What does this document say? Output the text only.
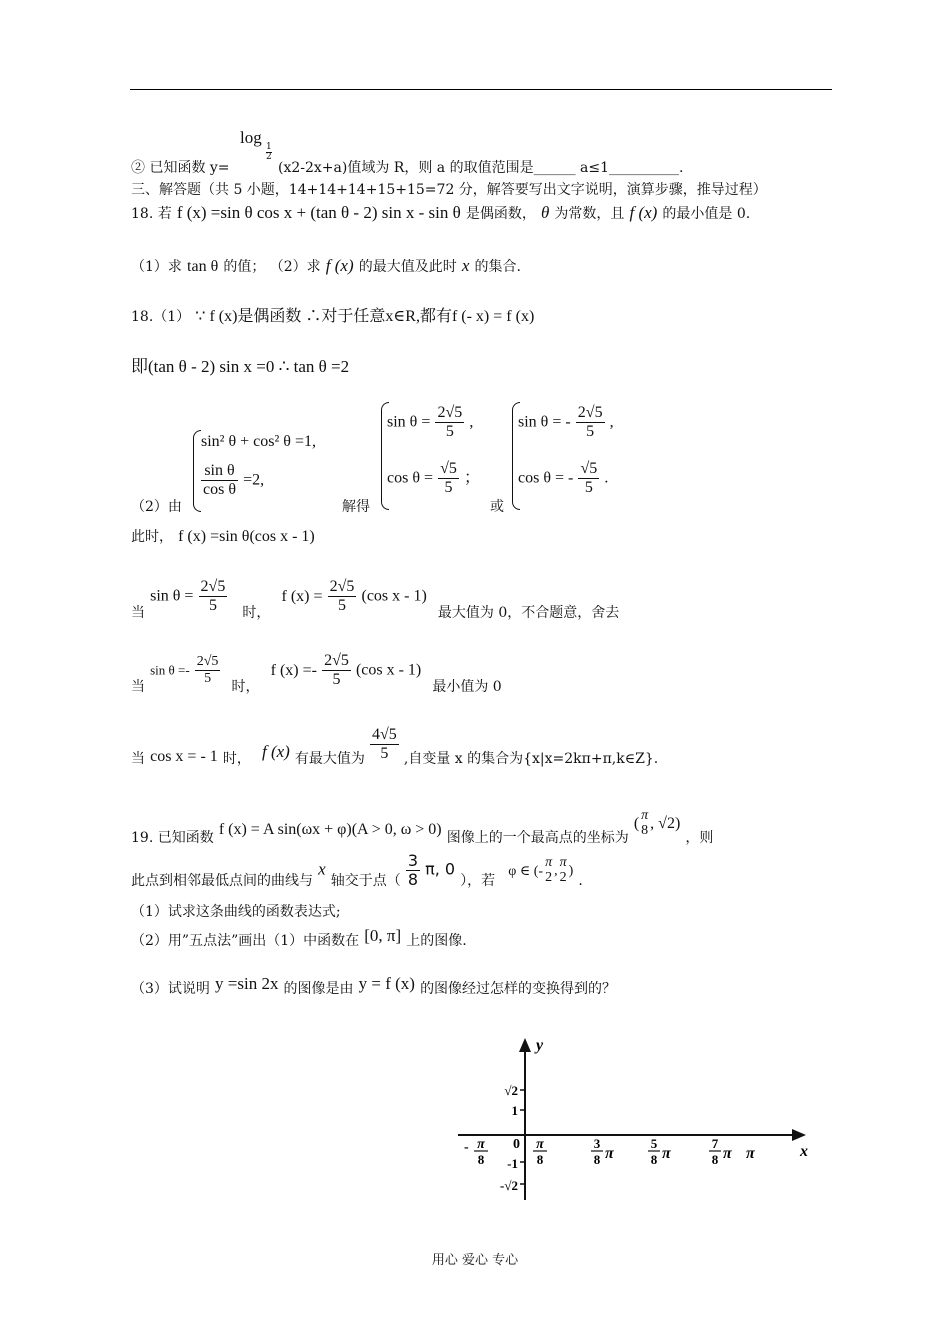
log
$\frac{1}{2}$
② 已知函数 y=	(x2-2x+a)值域为 R，则 a 的取值范围是______ a≤1__________.
三、解答题（共 5 小题，14+14+14+15+15=72 分，解答要写出文字说明，演算步骤，推导过程）
18. 若 f (x) =sin θ cos x + (tan θ - 2) sin x - sin θ 是偶函数， θ 为常数，且 f (x) 的最小值是 0.
（1）求 tan θ 的值； （2）求 f (x) 的最大值及此时 x 的集合.
18.（1） ∵ f (x)是偶函数 ∴对于任意x∈R,都有f (- x) = f (x)
即(tan θ - 2) sin x =0 ∴ tan θ =2
（2）由
sin² θ + cos² θ =1,
$\frac{\text{sin θ}}{\text{cos θ}} =2$,
解得
$\sin \theta = \frac{2√5}{5}$ ,
$\cos \theta = \frac{√5}{5}$ ；
或
sin θ = - $\frac{2√5}{5}$ ,
cos θ = - $\frac{√5}{5}$ .
此时， f (x) =sin θ(cos x - 1)
当 $\sin \theta = \frac{2√5}{5}$ 时， f $(x) = \frac{2√5}{5} (\cos$ x - 1) 最大值为 0，不合题意，舍去
当 $\sin \theta =- \frac{2√5}{5}$
时， f $(x) =- \frac{2√5}{5} (\cos$ x - 1) 最小值为 0
当 cos x = - 1 时， f (x) 有最大值为 $\frac{4√5}{5}$ ,自变量 x 的集合为{x|x=2kπ+π,k∈Z}.
19. 已知函数 f (x) = A sin(ωx + φ)(A > 0, ω > 0) 图像上的一个最高点的坐标为 ( π
8 , √2) ，则
此点到相邻最低点间的曲线与 x 轴交于点（ $\frac{3}{8} \pi$, 0 ），若 φ ∈ (-
π
2 ,
π
2 ) .
（1）试求这条曲线的函数表达式;
（2）用”五点法”画出（1）中函数在 [0, π] 上的图像.
（3）试说明 y =sin 2x 的图像是由 y = f (x) 的图像经过怎样的变换得到的？
y
x
0
√2
1
-1
-√2
- π
8
π
8
3
8 π
5
8 π
7
8 π π
用心 爱心 专心
